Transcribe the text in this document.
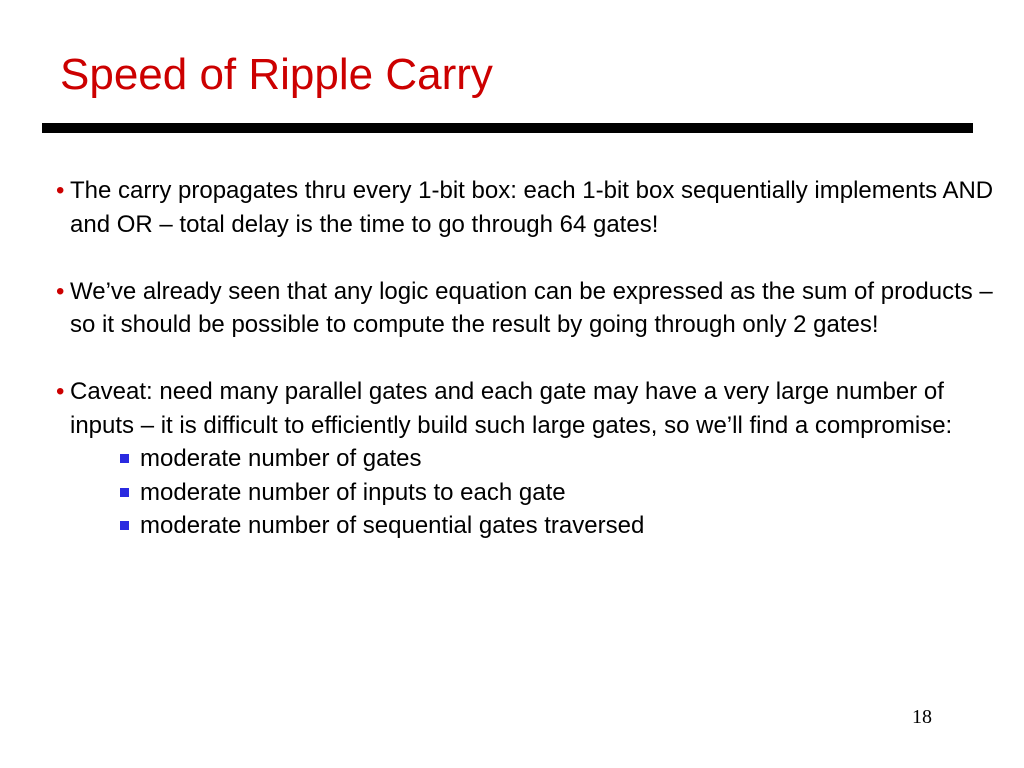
Speed of Ripple Carry
• The carry propagates thru every 1-bit box: each 1-bit box sequentially implements AND and OR – total delay is the time to go through 64 gates!
• We’ve already seen that any logic equation can be expressed as the sum of products – so it should be possible to compute the result by going through only 2 gates!
• Caveat: need many parallel gates and each gate may have a very large number of inputs – it is difficult to efficiently build such large gates, so we’ll find a compromise:
moderate number of gates
moderate number of inputs to each gate
moderate number of sequential gates traversed
18
